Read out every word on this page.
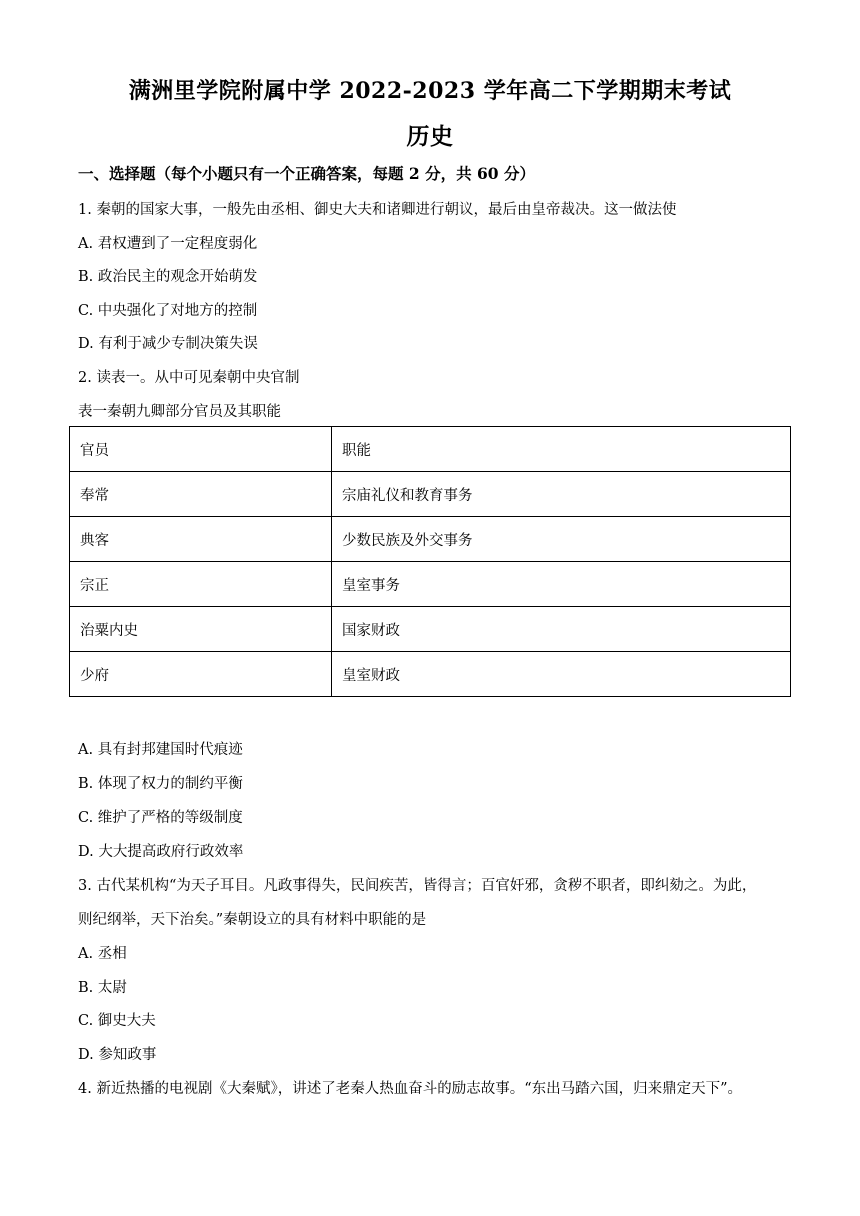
满洲里学院附属中学 2022-2023 学年高二下学期期末考试
历史
一、选择题（每个小题只有一个正确答案，每题 2 分，共 60 分）
1. 秦朝的国家大事，一般先由丞相、御史大夫和诸卿进行朝议，最后由皇帝裁决。这一做法使
A. 君权遭到了一定程度弱化
B. 政治民主的观念开始萌发
C. 中央强化了对地方的控制
D. 有利于减少专制决策失误
2. 读表一。从中可见秦朝中央官制
表一秦朝九卿部分官员及其职能
官员	职能
奉常	宗庙礼仪和教育事务
典客	少数民族及外交事务
宗正	皇室事务
治粟内史	国家财政
少府	皇室财政
A. 具有封邦建国时代痕迹
B. 体现了权力的制约平衡
C. 维护了严格的等级制度
D. 大大提高政府行政效率
3. 古代某机构“为天子耳目。凡政事得失，民间疾苦，皆得言；百官奸邪，贪秽不职者，即纠劾之。为此，
则纪纲举，天下治矣。”秦朝设立的具有材料中职能的是
A. 丞相
B. 太尉
C. 御史大夫
D. 参知政事
4. 新近热播的电视剧《大秦赋》，讲述了老秦人热血奋斗的励志故事。“东出马踏六国，归来鼎定天下”。
